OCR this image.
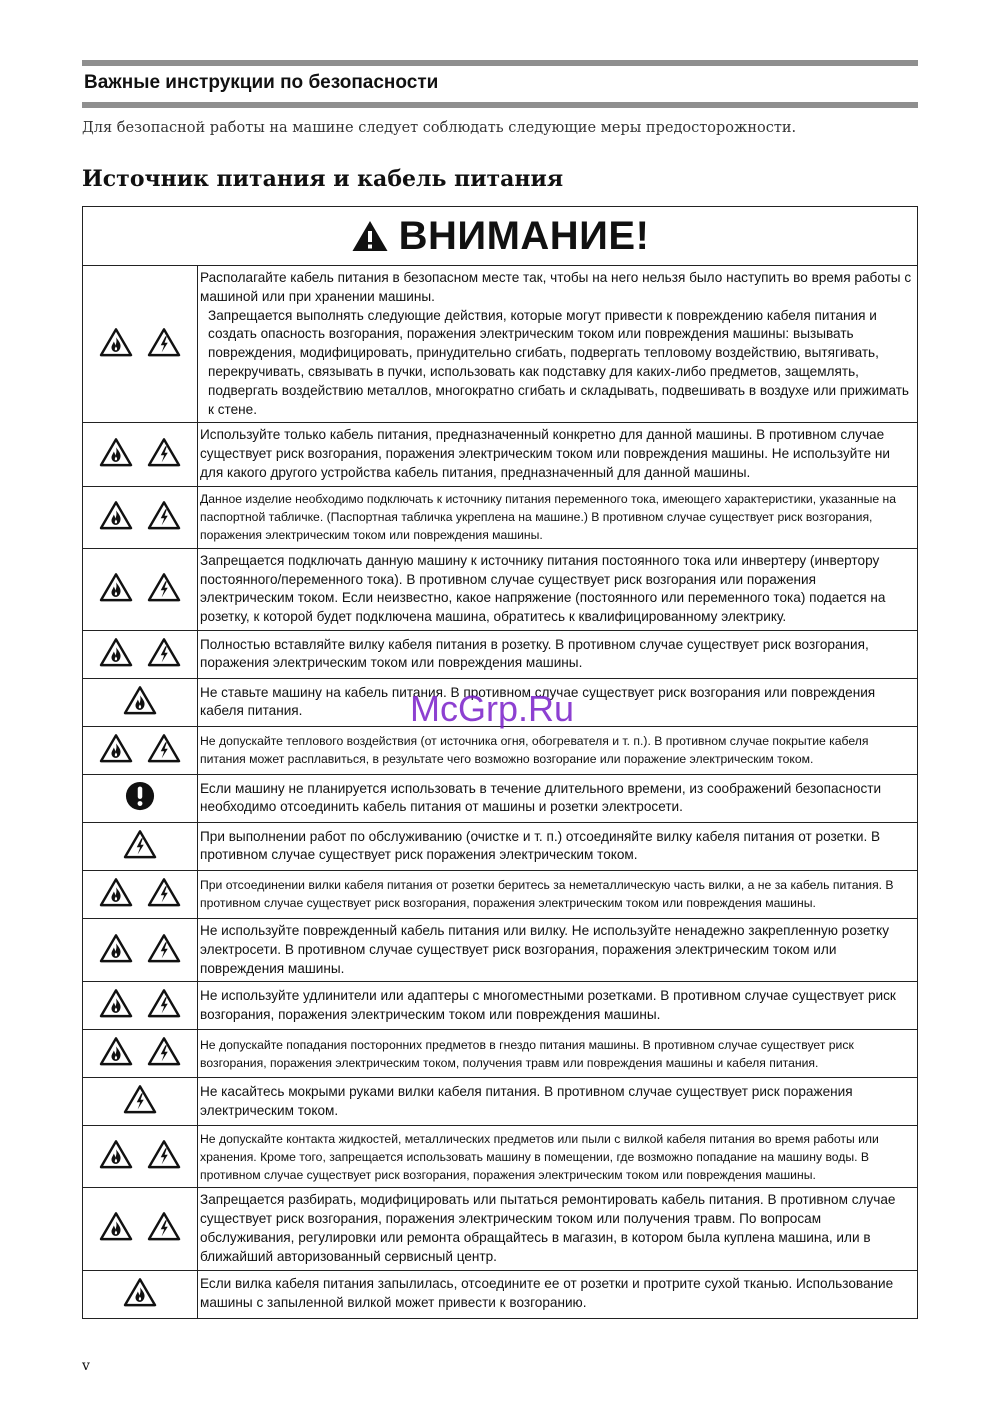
Важные инструкции по безопасности
Для безопасной работы на машине следует соблюдать следующие меры предосторожности.
Источник питания и кабель питания
ВНИМАНИЕ!	

Располагайте кабель питания в безопасном месте так, чтобы на него нельзя было наступить во время работы с машиной или при хранении машины.
Запрещается выполнять следующие действия, которые могут привести к повреждению кабеля питания и создать опасность возгорания, поражения электрическим током или повреждения машины: вызывать повреждения, модифицировать, принудительно сгибать, подвергать тепловому воздействию, вытягивать, перекручивать, связывать в пучки, использовать как подставку для каких-либо предметов, защемлять, подвергать воздействию металлов, многократно сгибать и складывать, подвешивать в воздухе или прижимать к стене.

	Используйте только кабель питания, предназначенный конкретно для данной машины. В противном случае существует риск возгорания, поражения электрическим током или повреждения машины. Не используйте ни для какого другого устройства кабель питания, предназначенный для данной машины.

	Данное изделие необходимо подключать к источнику питания переменного тока, имеющего характеристики, указанные на паспортной табличке. (Паспортная табличка укреплена на машине.) В противном случае существует риск возгорания, поражения электрическим током или повреждения машины.

	Запрещается подключать данную машину к источнику питания постоянного тока или инвертеру (инвертору постоянного/переменного тока). В противном случае существует риск возгорания или поражения электрическим током. Если неизвестно, какое напряжение (постоянного или переменного тока) подается на розетку, к которой будет подключена машина, обратитесь к квалифицированному электрику.

	Полностью вставляйте вилку кабеля питания в розетку. В противном случае существует риск возгорания, поражения электрическим током или повреждения машины.

	Не ставьте машину на кабель питания. В противном случае существует риск возгорания или повреждения кабеля питания.

	Не допускайте теплового воздействия (от источника огня, обогревателя и т. п.). В противном случае покрытие кабеля питания может расплавиться, в результате чего возможно возгорание или поражение электрическим током.

	Если машину не планируется использовать в течение длительного времени, из соображений безопасности необходимо отсоединить кабель питания от машины и розетки электросети.

	При выполнении работ по обслуживанию (очистке и т. п.) отсоединяйте вилку кабеля питания от розетки. В противном случае существует риск поражения электрическим током.

	При отсоединении вилки кабеля питания от розетки беритесь за неметаллическую часть вилки, а не за кабель питания. В противном случае существует риск возгорания, поражения электрическим током или повреждения машины.

	Не используйте поврежденный кабель питания или вилку. Не используйте ненадежно закрепленную розетку электросети. В противном случае существует риск возгорания, поражения электрическим током или повреждения машины.

	Не используйте удлинители или адаптеры с многоместными розетками. В противном случае существует риск возгорания, поражения электрическим током или повреждения машины.

	Не допускайте попадания посторонних предметов в гнездо питания машины. В противном случае существует риск возгорания, поражения электрическим током, получения травм или повреждения машины и кабеля питания.

	Не касайтесь мокрыми руками вилки кабеля питания. В противном случае существует риск поражения электрическим током.

	Не допускайте контакта жидкостей, металлических предметов или пыли с вилкой кабеля питания во время работы или хранения. Кроме того, запрещается использовать машину в помещении, где возможно попадание на машину воды. В противном случае существует риск возгорания, поражения электрическим током или повреждения машины.

	Запрещается разбирать, модифицировать или пытаться ремонтировать кабель питания. В противном случае существует риск возгорания, поражения электрическим током или получения травм. По вопросам обслуживания, регулировки или ремонта обращайтесь в магазин, в котором была куплена машина, или в ближайший авторизованный сервисный центр.

	Если вилка кабеля питания запылилась, отсоедините ее от розетки и протрите сухой тканью. Использование машины с запыленной вилкой может привести к возгоранию.
McGrp.Ru
v
